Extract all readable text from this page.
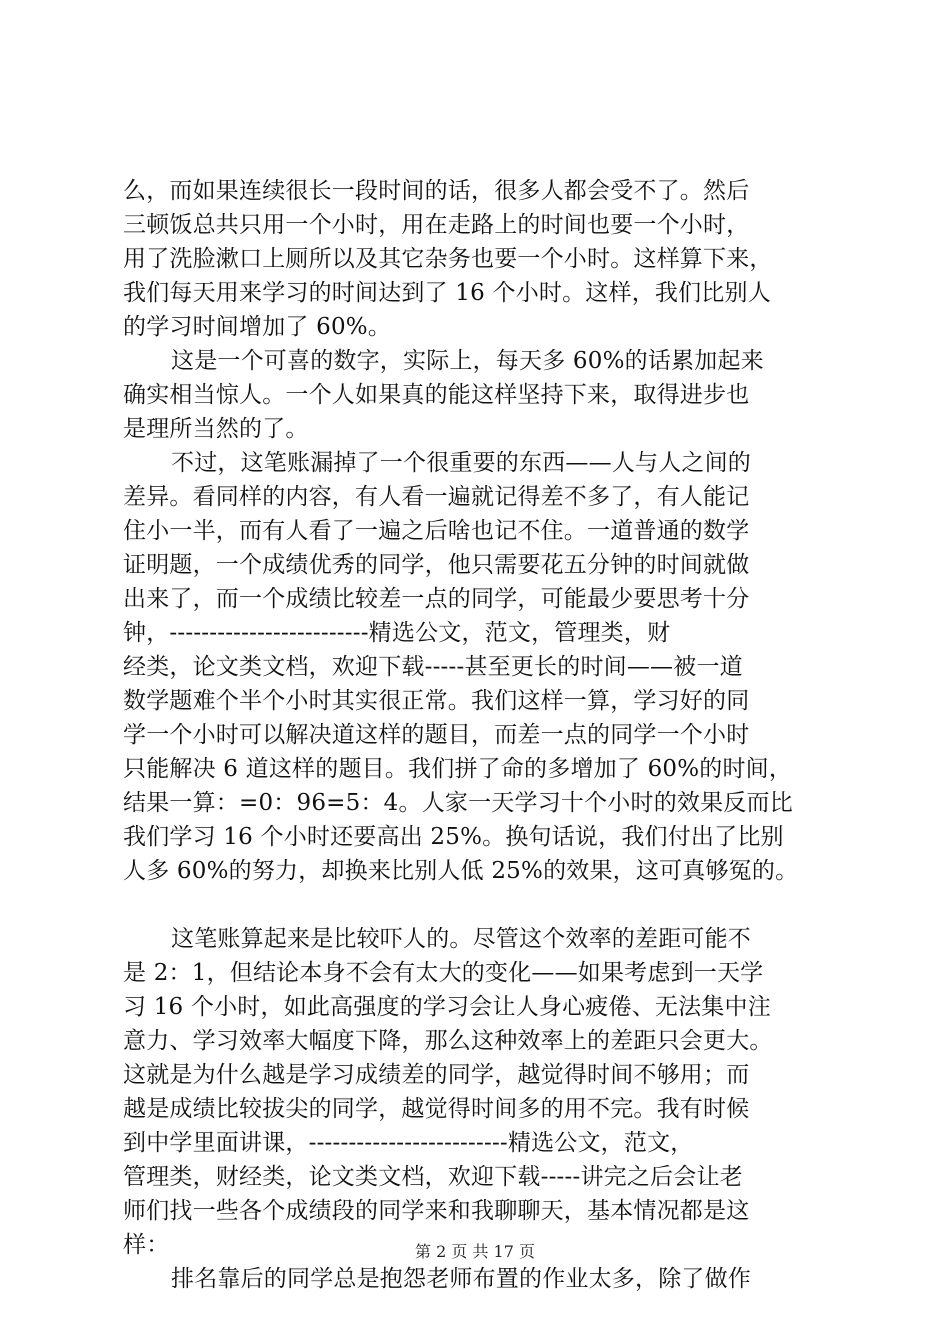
么，而如果连续很长一段时间的话，很多人都会受不了。然后
三顿饭总共只用一个小时，用在走路上的时间也要一个小时，
用了洗脸漱口上厕所以及其它杂务也要一个小时。这样算下来，
我们每天用来学习的时间达到了 16 个小时。这样，我们比别人
的学习时间增加了 60%。
这是一个可喜的数字，实际上，每天多 60%的话累加起来
确实相当惊人。一个人如果真的能这样坚持下来，取得进步也
是理所当然的了。
不过，这笔账漏掉了一个很重要的东西——人与人之间的
差异。看同样的内容，有人看一遍就记得差不多了，有人能记
住小一半，而有人看了一遍之后啥也记不住。一道普通的数学
证明题，一个成绩优秀的同学，他只需要花五分钟的时间就做
出来了，而一个成绩比较差一点的同学，可能最少要思考十分
钟，-------------------------精选公文，范文，管理类，财
经类，论文类文档，欢迎下载-----甚至更长的时间——被一道
数学题难个半个小时其实很正常。我们这样一算，学习好的同
学一个小时可以解决道这样的题目，而差一点的同学一个小时
只能解决 6 道这样的题目。我们拼了命的多增加了 60%的时间，
结果一算：=0：96=5：4。人家一天学习十个小时的效果反而比
我们学习 16 个小时还要高出 25%。换句话说，我们付出了比别
人多 60%的努力，却换来比别人低 25%的效果，这可真够冤的。
这笔账算起来是比较吓人的。尽管这个效率的差距可能不
是 2：1，但结论本身不会有太大的变化——如果考虑到一天学
习 16 个小时，如此高强度的学习会让人身心疲倦、无法集中注
意力、学习效率大幅度下降，那么这种效率上的差距只会更大。
这就是为什么越是学习成绩差的同学，越觉得时间不够用；而
越是成绩比较拔尖的同学，越觉得时间多的用不完。我有时候
到中学里面讲课，-------------------------精选公文，范文，
管理类，财经类，论文类文档，欢迎下载-----讲完之后会让老
师们找一些各个成绩段的同学来和我聊聊天，基本情况都是这
样：
排名靠后的同学总是抱怨老师布置的作业太多，除了做作
第 2 页 共 17 页
